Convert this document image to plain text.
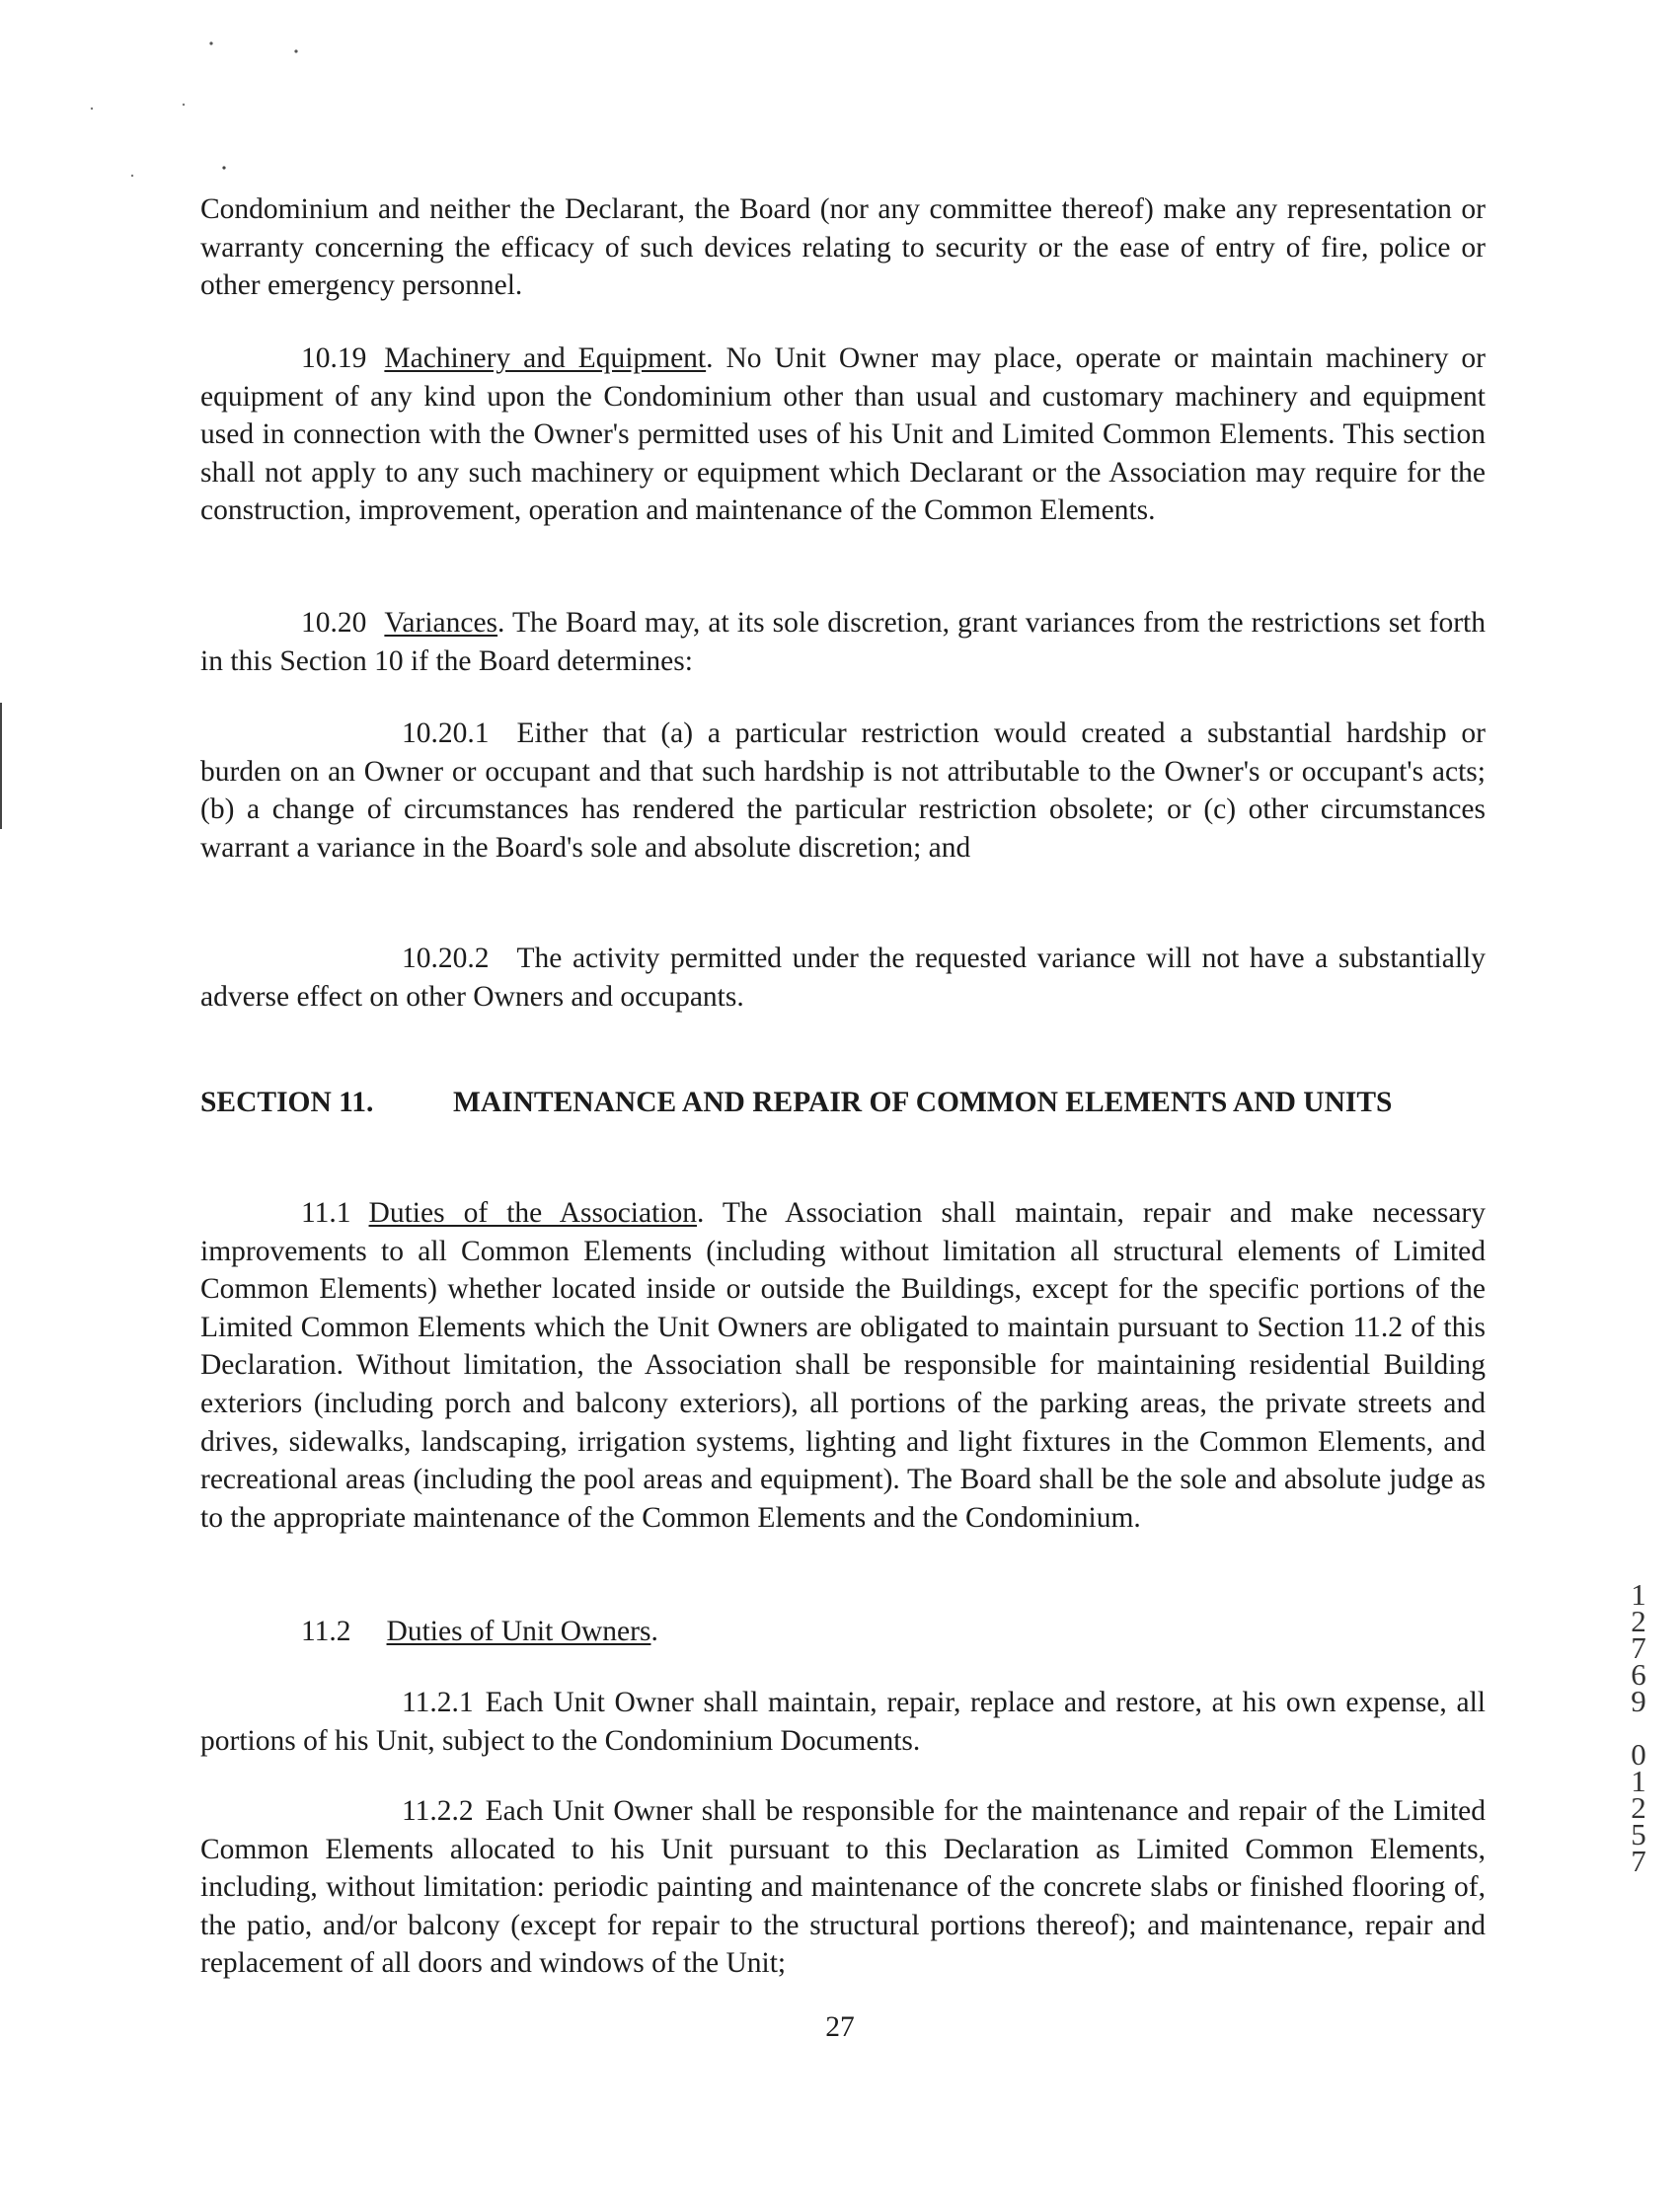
Condominium and neither the Declarant, the Board (nor any committee thereof) make any representation or warranty concerning the efficacy of such devices relating to security or the ease of entry of fire, police or other emergency personnel.

10.19 Machinery and Equipment. No Unit Owner may place, operate or maintain machinery or equipment of any kind upon the Condominium other than usual and customary machinery and equipment used in connection with the Owner's permitted uses of his Unit and Limited Common Elements. This section shall not apply to any such machinery or equipment which Declarant or the Association may require for the construction, improvement, operation and maintenance of the Common Elements.

10.20 Variances. The Board may, at its sole discretion, grant variances from the restrictions set forth in this Section 10 if the Board determines:

10.20.1 Either that (a) a particular restriction would created a substantial hardship or burden on an Owner or occupant and that such hardship is not attributable to the Owner's or occupant's acts; (b) a change of circumstances has rendered the particular restriction obsolete; or (c) other circumstances warrant a variance in the Board's sole and absolute discretion; and

10.20.2 The activity permitted under the requested variance will not have a substantially adverse effect on other Owners and occupants.

SECTION 11.	MAINTENANCE AND REPAIR OF COMMON ELEMENTS AND UNITS

11.1 Duties of the Association. The Association shall maintain, repair and make necessary improvements to all Common Elements (including without limitation all structural elements of Limited Common Elements) whether located inside or outside the Buildings, except for the specific portions of the Limited Common Elements which the Unit Owners are obligated to maintain pursuant to Section 11.2 of this Declaration. Without limitation, the Association shall be responsible for maintaining residential Building exteriors (including porch and balcony exteriors), all portions of the parking areas, the private streets and drives, sidewalks, landscaping, irrigation systems, lighting and light fixtures in the Common Elements, and recreational areas (including the pool areas and equipment). The Board shall be the sole and absolute judge as to the appropriate maintenance of the Common Elements and the Condominium.

11.2 Duties of Unit Owners.

11.2.1 Each Unit Owner shall maintain, repair, replace and restore, at his own expense, all portions of his Unit, subject to the Condominium Documents.

11.2.2 Each Unit Owner shall be responsible for the maintenance and repair of the Limited Common Elements allocated to his Unit pursuant to this Declaration as Limited Common Elements, including, without limitation: periodic painting and maintenance of the concrete slabs or finished flooring of, the patio, and/or balcony (except for repair to the structural portions thereof); and maintenance, repair and replacement of all doors and windows of the Unit;

1
2
7
6
9
0
1
2
5
7
27
